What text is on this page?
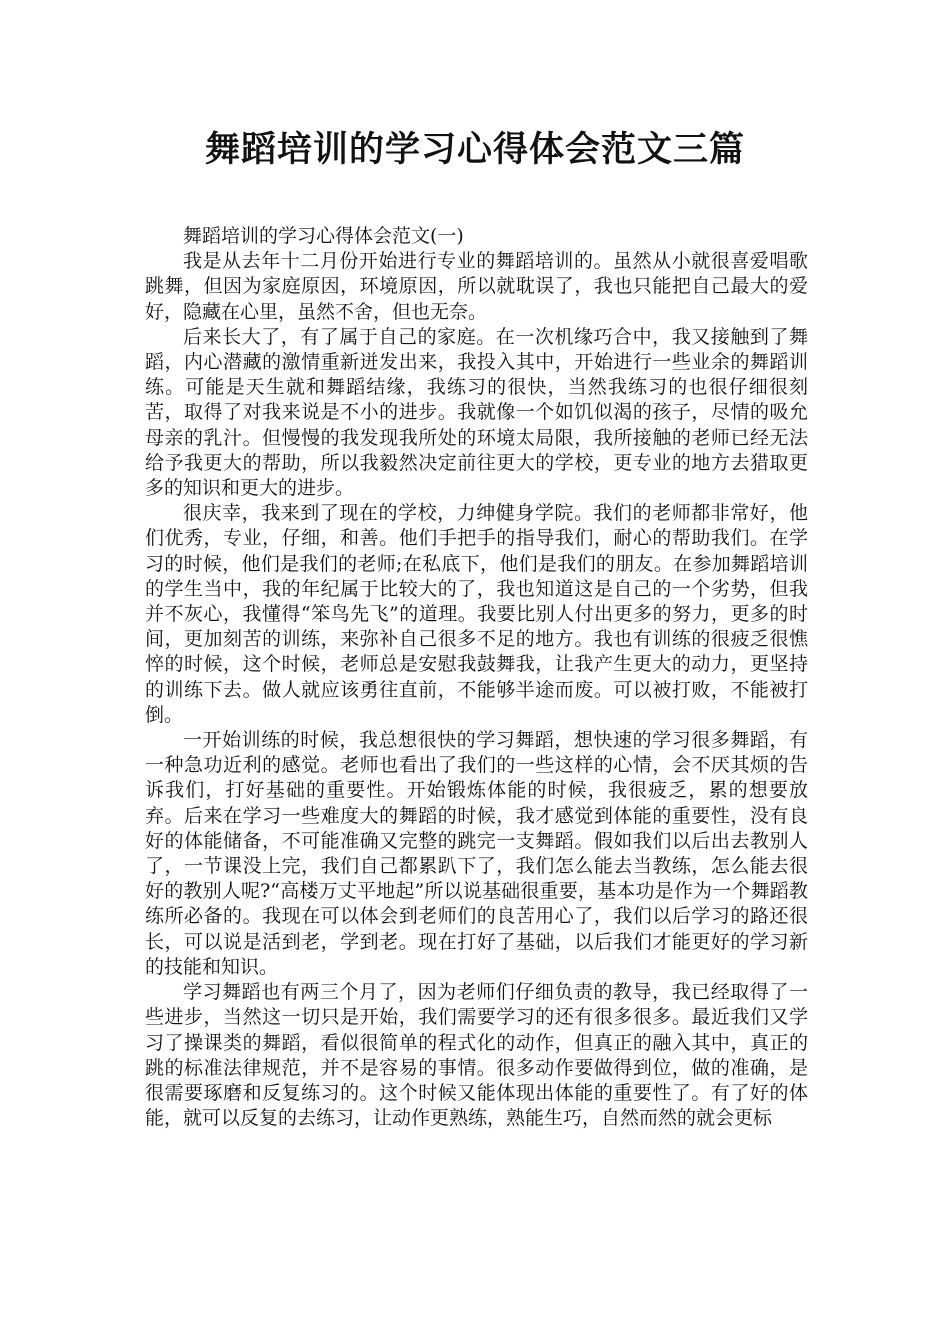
舞蹈培训的学习心得体会范文三篇

舞蹈培训的学习心得体会范文(一)

我是从去年十二月份开始进行专业的舞蹈培训的。虽然从小就很喜爱唱歌跳舞，但因为家庭原因，环境原因，所以就耽误了，我也只能把自己最大的爱好，隐藏在心里，虽然不舍，但也无奈。

后来长大了，有了属于自己的家庭。在一次机缘巧合中，我又接触到了舞蹈，内心潜藏的激情重新迸发出来，我投入其中，开始进行一些业余的舞蹈训练。可能是天生就和舞蹈结缘，我练习的很快，当然我练习的也很仔细很刻苦，取得了对我来说是不小的进步。我就像一个如饥似渴的孩子，尽情的吸允母亲的乳汁。但慢慢的我发现我所处的环境太局限，我所接触的老师已经无法给予我更大的帮助，所以我毅然决定前往更大的学校，更专业的地方去猎取更多的知识和更大的进步。

很庆幸，我来到了现在的学校，力绅健身学院。我们的老师都非常好，他们优秀，专业，仔细，和善。他们手把手的指导我们，耐心的帮助我们。在学习的时候，他们是我们的老师;在私底下，他们是我们的朋友。在参加舞蹈培训的学生当中，我的年纪属于比较大的了，我也知道这是自己的一个劣势，但我并不灰心，我懂得“笨鸟先飞”的道理。我要比别人付出更多的努力，更多的时间，更加刻苦的训练，来弥补自己很多不足的地方。我也有训练的很疲乏很憔悴的时候，这个时候，老师总是安慰我鼓舞我，让我产生更大的动力，更坚持的训练下去。做人就应该勇往直前，不能够半途而废。可以被打败，不能被打倒。

一开始训练的时候，我总想很快的学习舞蹈，想快速的学习很多舞蹈，有一种急功近利的感觉。老师也看出了我们的一些这样的心情，会不厌其烦的告诉我们，打好基础的重要性。开始锻炼体能的时候，我很疲乏，累的想要放弃。后来在学习一些难度大的舞蹈的时候，我才感觉到体能的重要性，没有良好的体能储备，不可能准确又完整的跳完一支舞蹈。假如我们以后出去教别人了，一节课没上完，我们自己都累趴下了，我们怎么能去当教练，怎么能去很好的教别人呢?“高楼万丈平地起”所以说基础很重要，基本功是作为一个舞蹈教练所必备的。我现在可以体会到老师们的良苦用心了，我们以后学习的路还很长，可以说是活到老，学到老。现在打好了基础，以后我们才能更好的学习新的技能和知识。

学习舞蹈也有两三个月了，因为老师们仔细负责的教导，我已经取得了一些进步，当然这一切只是开始，我们需要学习的还有很多很多。最近我们又学习了操课类的舞蹈，看似很简单的程式化的动作，但真正的融入其中，真正的跳的标准法律规范，并不是容易的事情。很多动作要做得到位，做的准确，是很需要琢磨和反复练习的。这个时候又能体现出体能的重要性了。有了好的体能，就可以反复的去练习，让动作更熟练，熟能生巧，自然而然的就会更标
